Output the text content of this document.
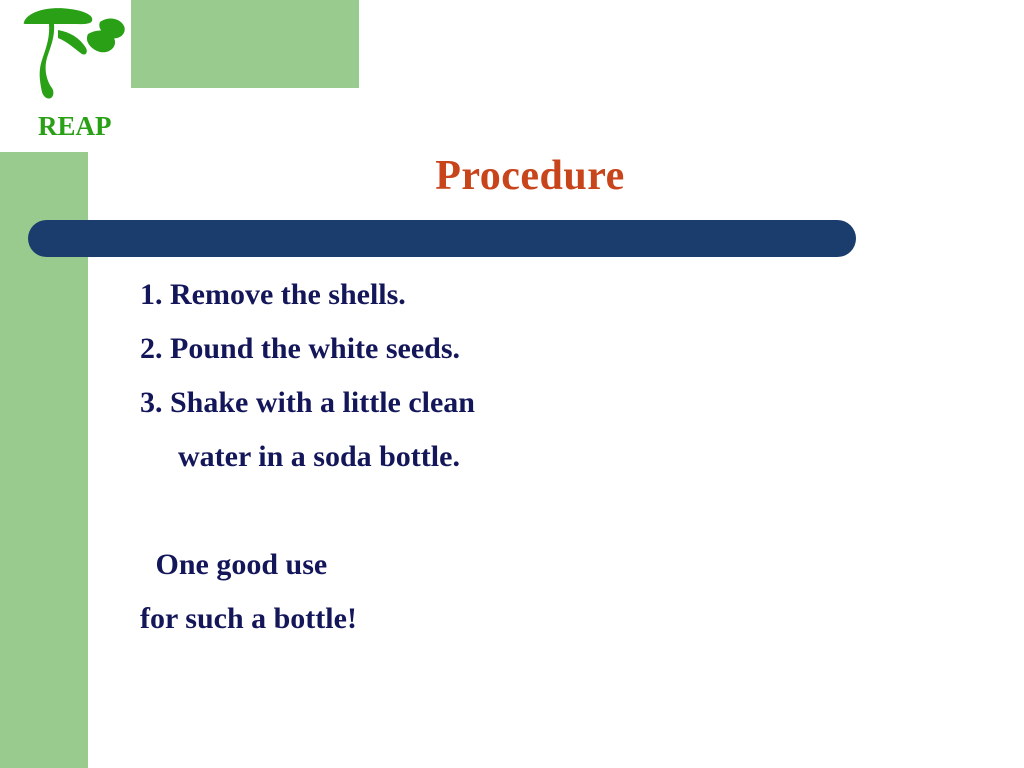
REAP
Procedure
1. Remove the shells.
2. Pound the white seeds.
3. Shake with a little clean
water in a soda bottle.
One good use
for such a bottle!
